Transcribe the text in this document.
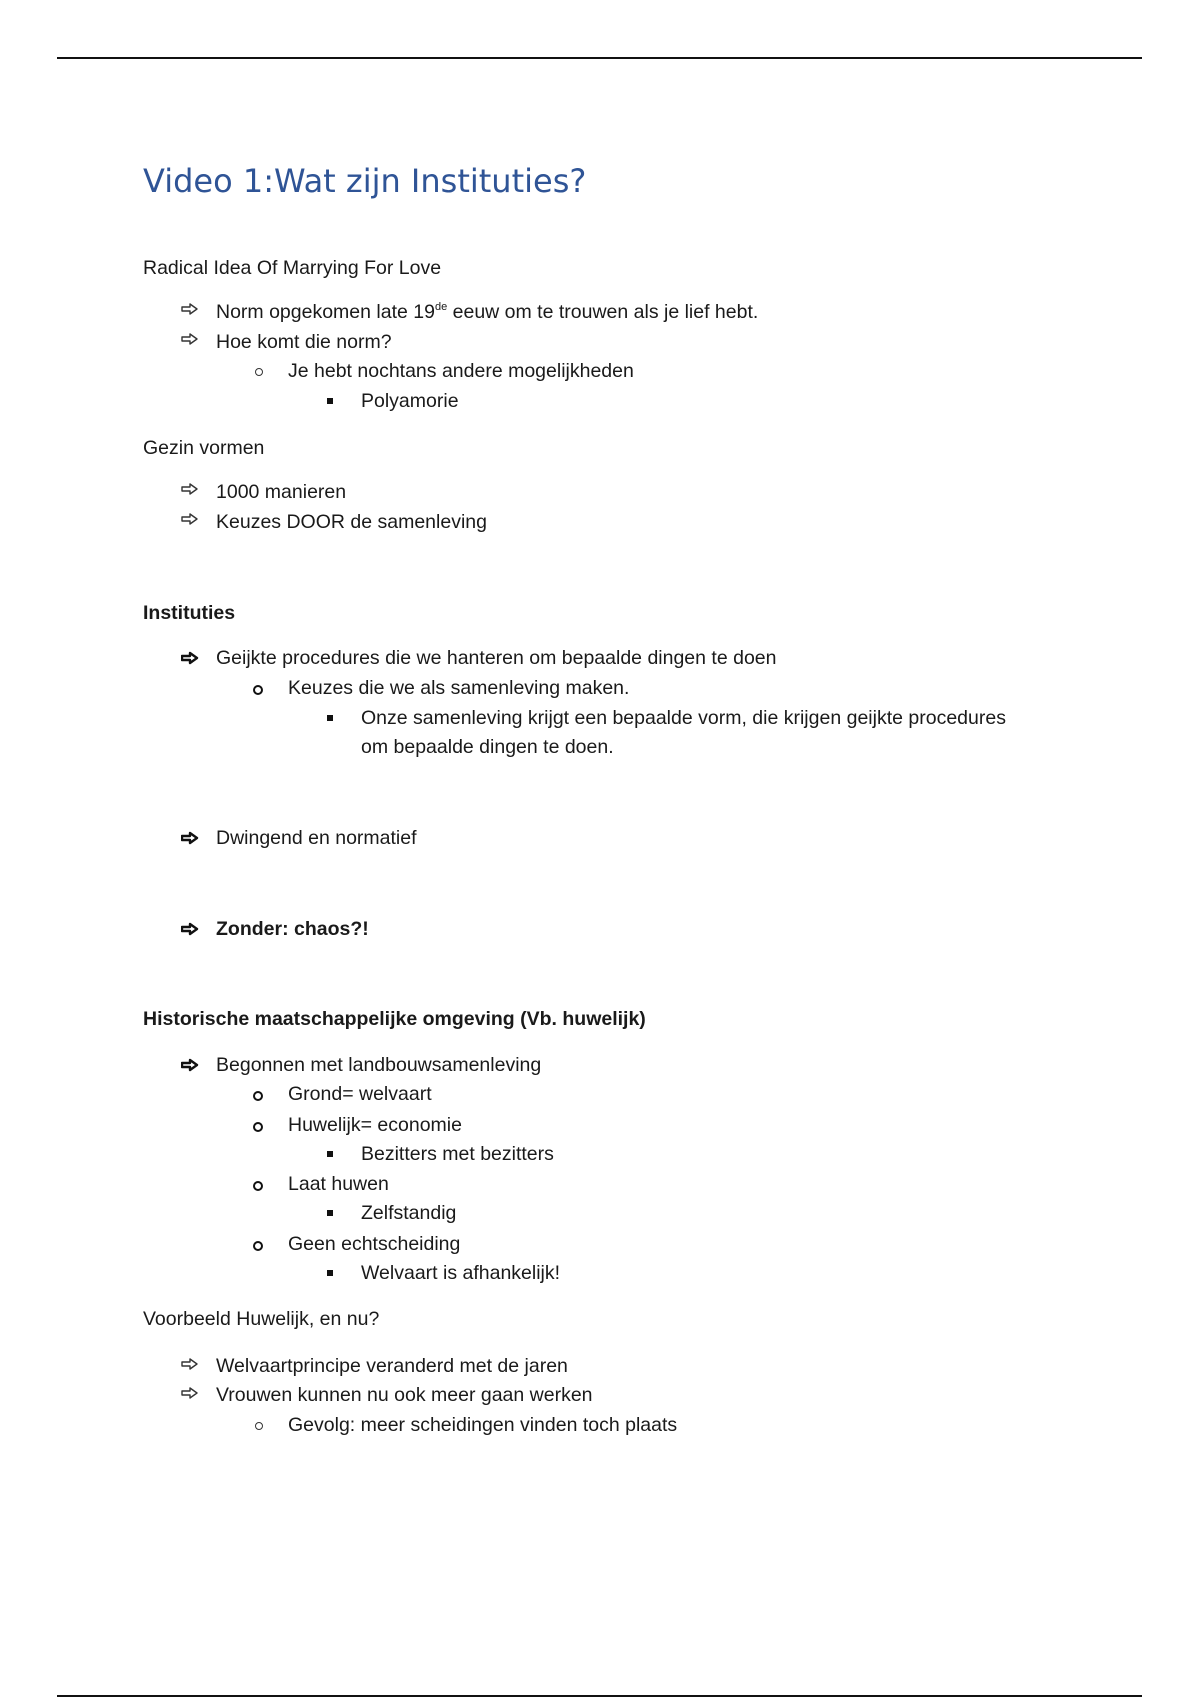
Video 1:Wat zijn Instituties?
Radical Idea Of Marrying For Love
Norm opgekomen late 19de eeuw om te trouwen als je lief hebt.
Hoe komt die norm?
Je hebt nochtans andere mogelijkheden
Polyamorie
Gezin vormen
1000 manieren
Keuzes DOOR de samenleving
Instituties
Geijkte procedures die we hanteren om bepaalde dingen te doen
Keuzes die we als samenleving maken.
Onze samenleving krijgt een bepaalde vorm, die krijgen geijkte procedures
om bepaalde dingen te doen.
Dwingend en normatief
Zonder: chaos?!
Historische maatschappelijke omgeving (Vb. huwelijk)
Begonnen met landbouwsamenleving
Grond= welvaart
Huwelijk= economie
Bezitters met bezitters
Laat huwen
Zelfstandig
Geen echtscheiding
Welvaart is afhankelijk!
Voorbeeld Huwelijk, en nu?
Welvaartprincipe veranderd met de jaren
Vrouwen kunnen nu ook meer gaan werken
Gevolg: meer scheidingen vinden toch plaats
